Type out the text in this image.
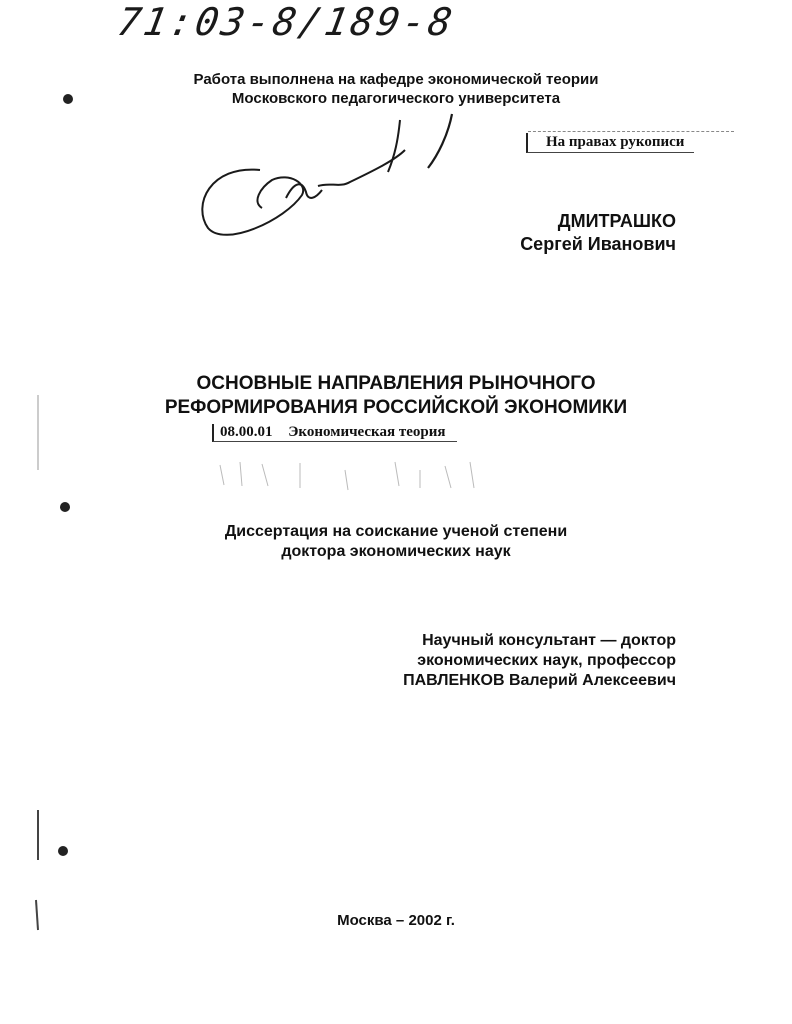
71:03-8/189-8
Работа выполнена на кафедре экономической теории
Московского педагогического университета
На правах рукописи
ДМИТРАШКО
Сергей Иванович
ОСНОВНЫЕ НАПРАВЛЕНИЯ РЫНОЧНОГО
РЕФОРМИРОВАНИЯ РОССИЙСКОЙ ЭКОНОМИКИ
08.00.01 Экономическая теория
Диссертация на соискание ученой степени
доктора экономических наук
Научный консультант — доктор
экономических наук, профессор
ПАВЛЕНКОВ Валерий Алексеевич
Москва – 2002 г.
